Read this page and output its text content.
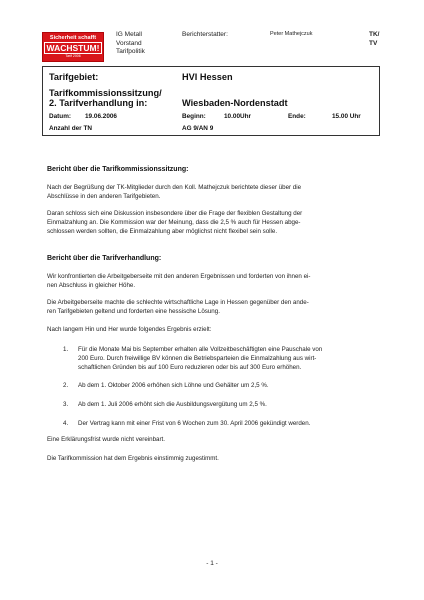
Sicherheit schafft
WACHSTUM!
Tarif 2006
IG Metall
Vorstand
Tarifpolitik
Berichterstatter:	Peter Mathejczuk	TK/
TV
Tarifgebiet:	HVI Hessen
Tarifkommissionssitzung/
2. Tarifverhandlung in:	Wiesbaden-Nordenstadt
Datum: 19.06.2006	Beginn:	10.00Uhr	Ende:	15.00 Uhr
Anzahl der TN	AG 9/AN 9
Bericht über die Tarifkommissionssitzung:
Nach der Begrüßung der TK-Mitglieder durch den Koll. Mathejczuk berichtete dieser über die
Abschlüsse in den anderen Tarifgebieten.
Daran schloss sich eine Diskussion insbesondere über die Frage der flexiblen Gestaltung der
Einmalzahlung an. Die Kommission war der Meinung, dass die 2,5 % auch für Hessen abge-
schlossen werden sollten, die Einmalzahlung aber möglichst nicht flexibel sein solle.
Bericht über die Tarifverhandlung:
Wir konfrontierten die Arbeitgeberseite mit den anderen Ergebnissen und forderten von ihnen ei-
nen Abschluss in gleicher Höhe.
Die Arbeitgeberseite machte die schlechte wirtschaftliche Lage in Hessen gegenüber den ande-
ren Tarifgebieten geltend und forderten eine hessische Lösung.
Nach langem Hin und Her wurde folgendes Ergebnis erzielt:
1. Für die Monate Mai bis September erhalten alle Vollzeitbeschäftigten eine Pauschale von
200 Euro. Durch freiwillige BV können die Betriebsparteien die Einmalzahlung aus wirt-
schaftlichen Gründen bis auf 100 Euro reduzieren oder bis auf 300 Euro erhöhen.
2. Ab dem 1. Oktober 2006 erhöhen sich Löhne und Gehälter um 2,5 %.
3. Ab dem 1. Juli 2006 erhöht sich die Ausbildungsvergütung um 2,5 %.
4. Der Vertrag kann mit einer Frist von 6 Wochen zum 30. April 2006 gekündigt werden.
Eine Erklärungsfrist wurde nicht vereinbart.
Die Tarifkommission hat dem Ergebnis einstimmig zugestimmt.
- 1 -
